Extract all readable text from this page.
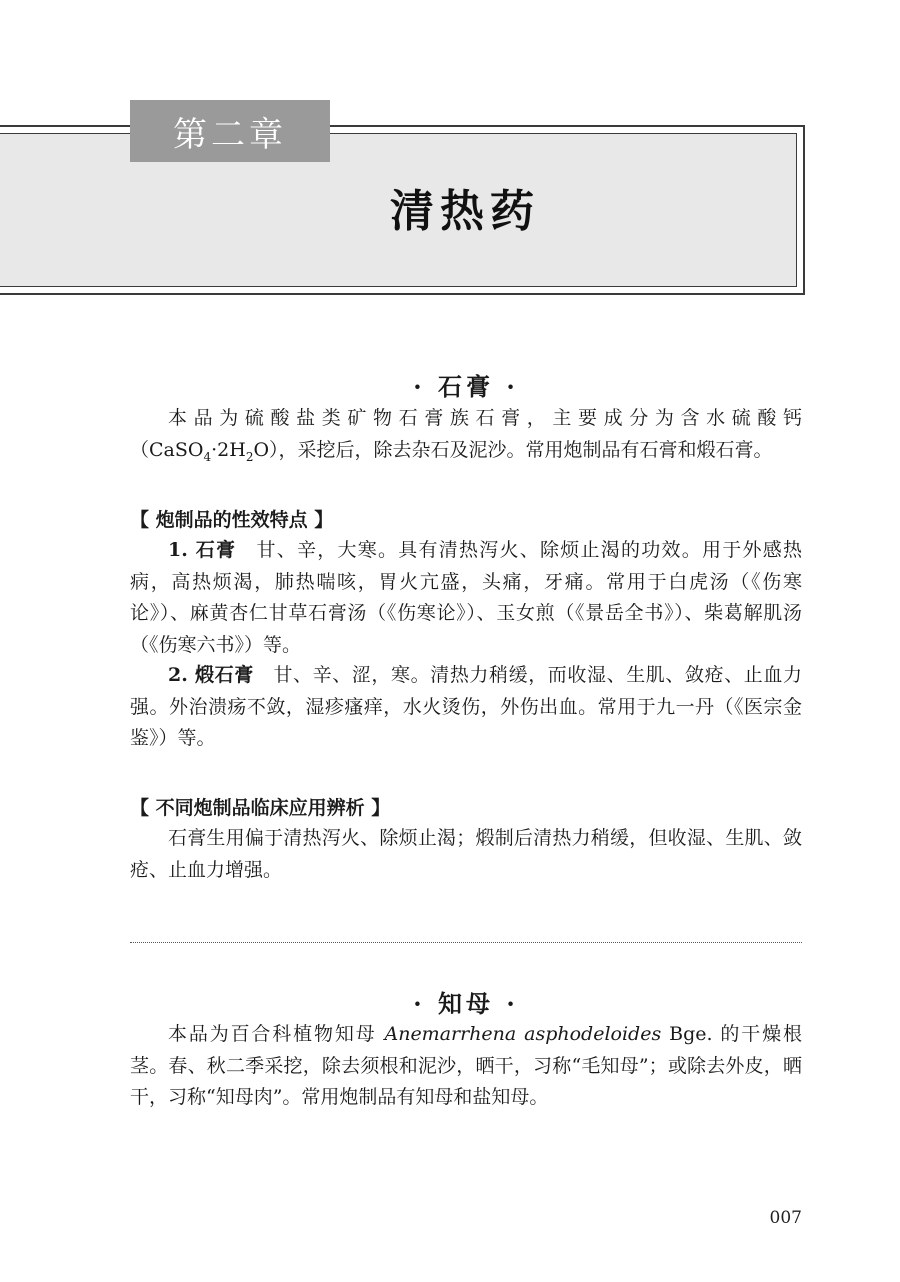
第二章
清热药
· 石膏 ·

本品为硫酸盐类矿物石膏族石膏，主要成分为含水硫酸钙$(CaSO_4\cdot 2H_2O)$，采挖后，除去杂石及泥沙。常用炮制品有石膏和煅石膏。

【 炮制品的性效特点 】

1. 石膏　甘、辛，大寒。具有清热泻火、除烦止渴的功效。用于外感热病，高热烦渴，肺热喘咳，胃火亢盛，头痛，牙痛。常用于白虎汤（《伤寒论》）、麻黄杏仁甘草石膏汤（《伤寒论》）、玉女煎（《景岳全书》）、柴葛解肌汤（《伤寒六书》）等。

2. 煅石膏　甘、辛、涩，寒。清热力稍缓，而收湿、生肌、敛疮、止血力强。外治溃疡不敛，湿疹瘙痒，水火烫伤，外伤出血。常用于九一丹（《医宗金鉴》）等。

【 不同炮制品临床应用辨析 】

石膏生用偏于清热泻火、除烦止渴；煅制后清热力稍缓，但收湿、生肌、敛疮、止血力增强。

· 知母 ·

本品为百合科植物知母 Anemarrhena asphodeloides Bge. 的干燥根茎。春、秋二季采挖，除去须根和泥沙，晒干，习称“毛知母”；或除去外皮，晒干，习称“知母肉”。常用炮制品有知母和盐知母。

007
